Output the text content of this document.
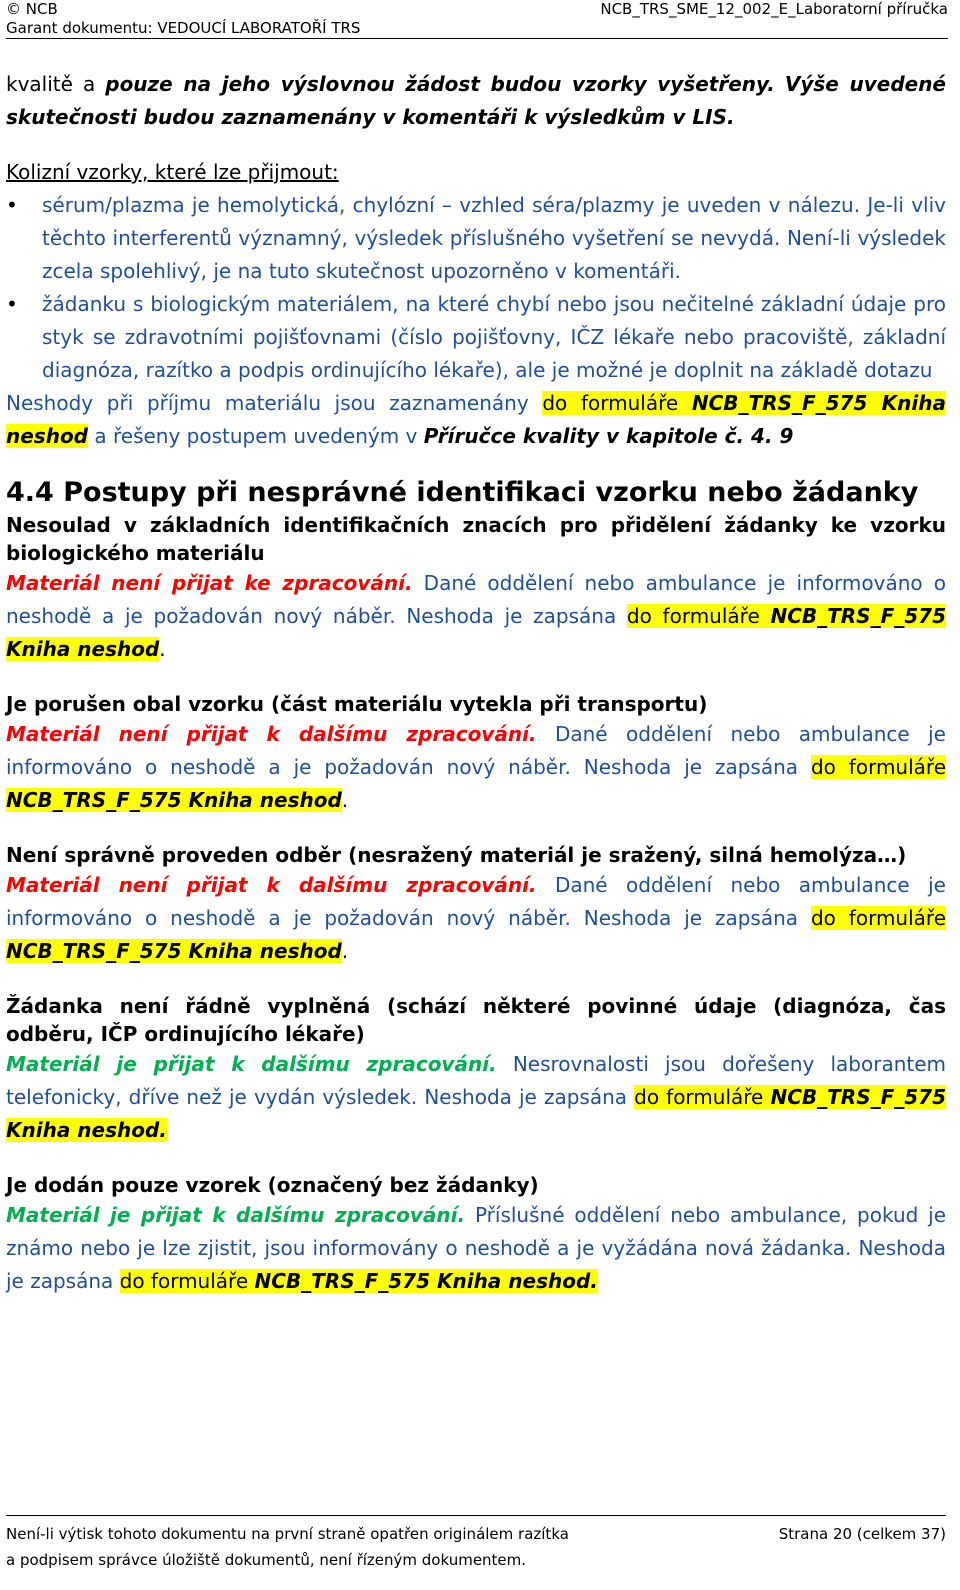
© NCB
Garant dokumentu: VEDOUCÍ LABORATOŘÍ TRS
NCB_TRS_SME_12_002_E_Laboratorní příručka

kvalitě a pouze na jeho výslovnou žádost budou vzorky vyšetřeny. Výše uvedené skutečnosti budou zaznamenány v komentáři k výsledkům v LIS.

Kolizní vzorky, které lze přijmout:

• sérum/plazma je hemolytická, chylózní – vzhled séra/plazmy je uveden v nálezu. Je-li vliv těchto interferentů významný, výsledek příslušného vyšetření se nevydá. Není-li výsledek zcela spolehlivý, je na tuto skutečnost upozorněno v komentáři.
• žádanku s biologickým materiálem, na které chybí nebo jsou nečitelné základní údaje pro styk se zdravotními pojišťovnami (číslo pojišťovny, IČZ lékaře nebo pracoviště, základní diagnóza, razítko a podpis ordinujícího lékaře), ale je možné je doplnit na základě dotazu

Neshody při příjmu materiálu jsou zaznamenány do formuláře NCB_TRS_F_575 Kniha neshod a řešeny postupem uvedeným v Příručce kvality v kapitole č. 4. 9

4.4 Postupy při nesprávné identifikaci vzorku nebo žádanky

Nesoulad v základních identifikačních znacích pro přidělení žádanky ke vzorku biologického materiálu

Materiál není přijat ke zpracování. Dané oddělení nebo ambulance je informováno o neshodě a je požadován nový náběr. Neshoda je zapsána do formuláře NCB_TRS_F_575 Kniha neshod.

Je porušen obal vzorku (část materiálu vytekla při transportu)

Materiál není přijat k dalšímu zpracování. Dané oddělení nebo ambulance je informováno o neshodě a je požadován nový náběr. Neshoda je zapsána do formuláře NCB_TRS_F_575 Kniha neshod.

Není správně proveden odběr (nesražený materiál je sražený, silná hemolýza…)

Materiál není přijat k dalšímu zpracování. Dané oddělení nebo ambulance je informováno o neshodě a je požadován nový náběr. Neshoda je zapsána do formuláře NCB_TRS_F_575 Kniha neshod.

Žádanka není řádně vyplněná (schází některé povinné údaje (diagnóza, čas odběru, IČP ordinujícího lékaře)

Materiál je přijat k dalšímu zpracování. Nesrovnalosti jsou dořešeny laborantem telefonicky, dříve než je vydán výsledek. Neshoda je zapsána do formuláře NCB_TRS_F_575 Kniha neshod.

Je dodán pouze vzorek (označený bez žádanky)

Materiál je přijat k dalšímu zpracování. Příslušné oddělení nebo ambulance, pokud je známo nebo je lze zjistit, jsou informovány o neshodě a je vyžádána nová žádanka. Neshoda je zapsána do formuláře NCB_TRS_F_575 Kniha neshod.

Není-li výtisk tohoto dokumentu na první straně opatřen originálem razítka
a podpisem správce úložiště dokumentů, není řízeným dokumentem.
Strana 20 (celkem 37)
